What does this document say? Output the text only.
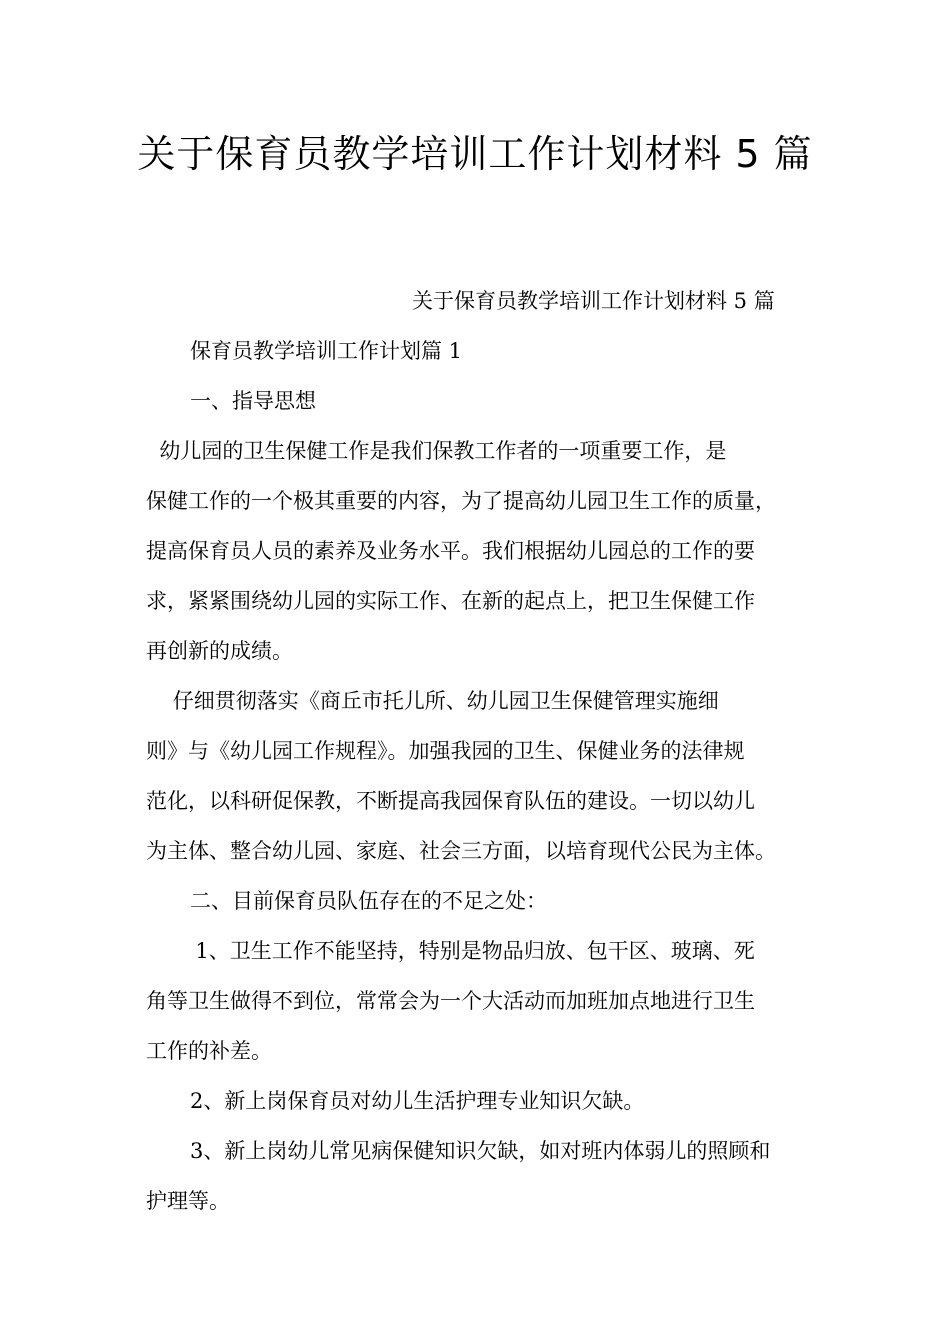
关于保育员教学培训工作计划材料 5 篇

关于保育员教学培训工作计划材料 5 篇

保育员教学培训工作计划篇 1

一、指导思想

幼儿园的卫生保健工作是我们保教工作者的一项重要工作，是

保健工作的一个极其重要的内容，为了提高幼儿园卫生工作的质量，

提高保育员人员的素养及业务水平。我们根据幼儿园总的工作的要

求，紧紧围绕幼儿园的实际工作、在新的起点上，把卫生保健工作

再创新的成绩。

仔细贯彻落实《商丘市托儿所、幼儿园卫生保健管理实施细

则》与《幼儿园工作规程》。加强我园的卫生、保健业务的法律规

范化，以科研促保教，不断提高我园保育队伍的建设。一切以幼儿

为主体、整合幼儿园、家庭、社会三方面，以培育现代公民为主体。

二、目前保育员队伍存在的不足之处：

1、卫生工作不能坚持，特别是物品归放、包干区、玻璃、死

角等卫生做得不到位，常常会为一个大活动而加班加点地进行卫生

工作的补差。

2、新上岗保育员对幼儿生活护理专业知识欠缺。

3、新上岗幼儿常见病保健知识欠缺，如对班内体弱儿的照顾和

护理等。
